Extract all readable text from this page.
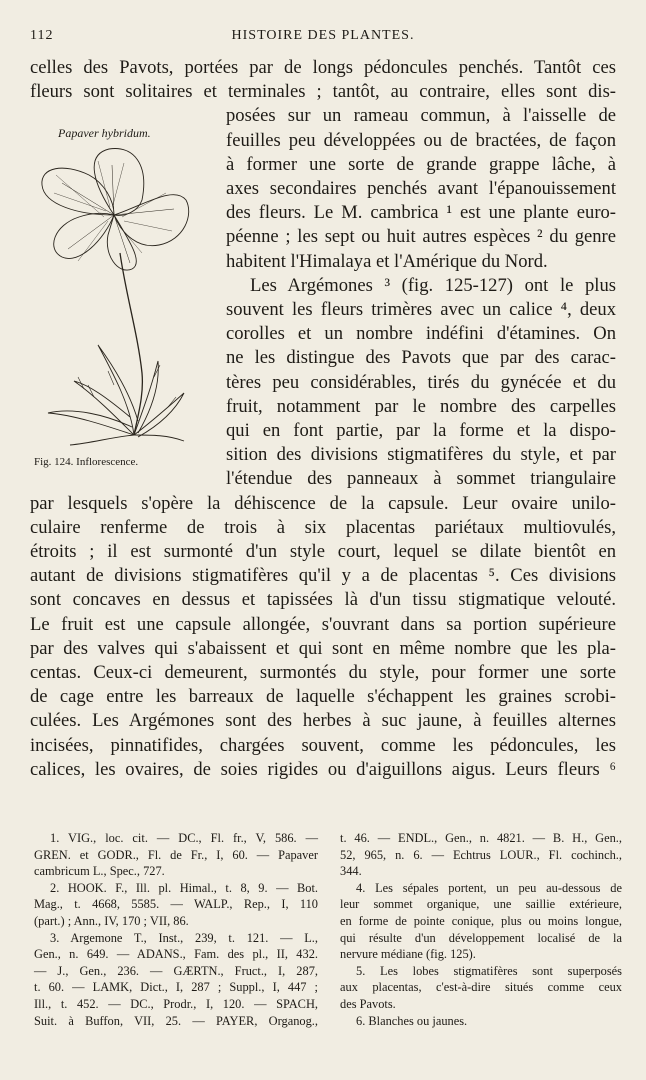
112	HISTOIRE DES PLANTES.
celles des Pavots, portées par de longs pédoncules penchés. Tantôt ces
fleurs sont solitaires et terminales ; tantôt, au contraire, elles sont dis-
Papaver hybridum.
Fig. 124. Inflorescence.
posées sur un rameau commun, à l'aisselle de
feuilles peu développées ou de bractées, de façon
à former une sorte de grande grappe lâche, à
axes secondaires penchés avant l'épanouissement
des fleurs. Le M. cambrica ¹ est une plante euro-
péenne ; les sept ou huit autres espèces ² du genre
habitent l'Himalaya et l'Amérique du Nord.
Les Argémones ³ (fig. 125-127) ont le plus
souvent les fleurs trimères avec un calice ⁴, deux
corolles et un nombre indéfini d'étamines. On
ne les distingue des Pavots que par des carac-
tères peu considérables, tirés du gynécée et du
fruit, notamment par le nombre des carpelles
qui en font partie, par la forme et la dispo-
sition des divisions stigmatifères du style, et par
l'étendue des panneaux à sommet triangulaire
par lesquels s'opère la déhiscence de la capsule. Leur ovaire unilo-
culaire renferme de trois à six placentas pariétaux multiovulés,
étroits ; il est surmonté d'un style court, lequel se dilate bientôt en
autant de divisions stigmatifères qu'il y a de placentas ⁵. Ces divisions
sont concaves en dessus et tapissées là d'un tissu stigmatique velouté.
Le fruit est une capsule allongée, s'ouvrant dans sa portion supérieure
par des valves qui s'abaissent et qui sont en même nombre que les pla-
centas. Ceux-ci demeurent, surmontés du style, pour former une sorte
de cage entre les barreaux de laquelle s'échappent les graines scrobi-
culées. Les Argémones sont des herbes à suc jaune, à feuilles alternes
incisées, pinnatifides, chargées souvent, comme les pédoncules, les
calices, les ovaires, de soies rigides ou d'aiguillons aigus. Leurs fleurs ⁶
1. VIG., loc. cit. — DC., Fl. fr., V, 586. —
GREN. et GODR., Fl. de Fr., I, 60. — Papaver
cambricum L., Spec., 727.
2. HOOK. F., Ill. pl. Himal., t. 8, 9. — Bot.
Mag., t. 4668, 5585. — WALP., Rep., I, 110
(part.) ; Ann., IV, 170 ; VII, 86.
3. Argemone T., Inst., 239, t. 121. — L.,
Gen., n. 649. — ADANS., Fam. des pl., II, 432.
— J., Gen., 236. — GÆRTN., Fruct., I, 287,
t. 60. — LAMK, Dict., I, 287 ; Suppl., I, 447 ;
Ill., t. 452. — DC., Prodr., I, 120. — SPACH,
Suit. à Buffon, VII, 25. — PAYER, Organog.,
t. 46. — ENDL., Gen., n. 4821. — B. H., Gen.,
52, 965, n. 6. — Echtrus LOUR., Fl. cochinch.,
344.
4. Les sépales portent, un peu au-dessous de
leur sommet organique, une saillie extérieure,
en forme de pointe conique, plus ou moins longue,
qui résulte d'un développement localisé de la
nervure médiane (fig. 125).
5. Les lobes stigmatifères sont superposés
aux placentas, c'est-à-dire situés comme ceux
des Pavots.
6. Blanches ou jaunes.
